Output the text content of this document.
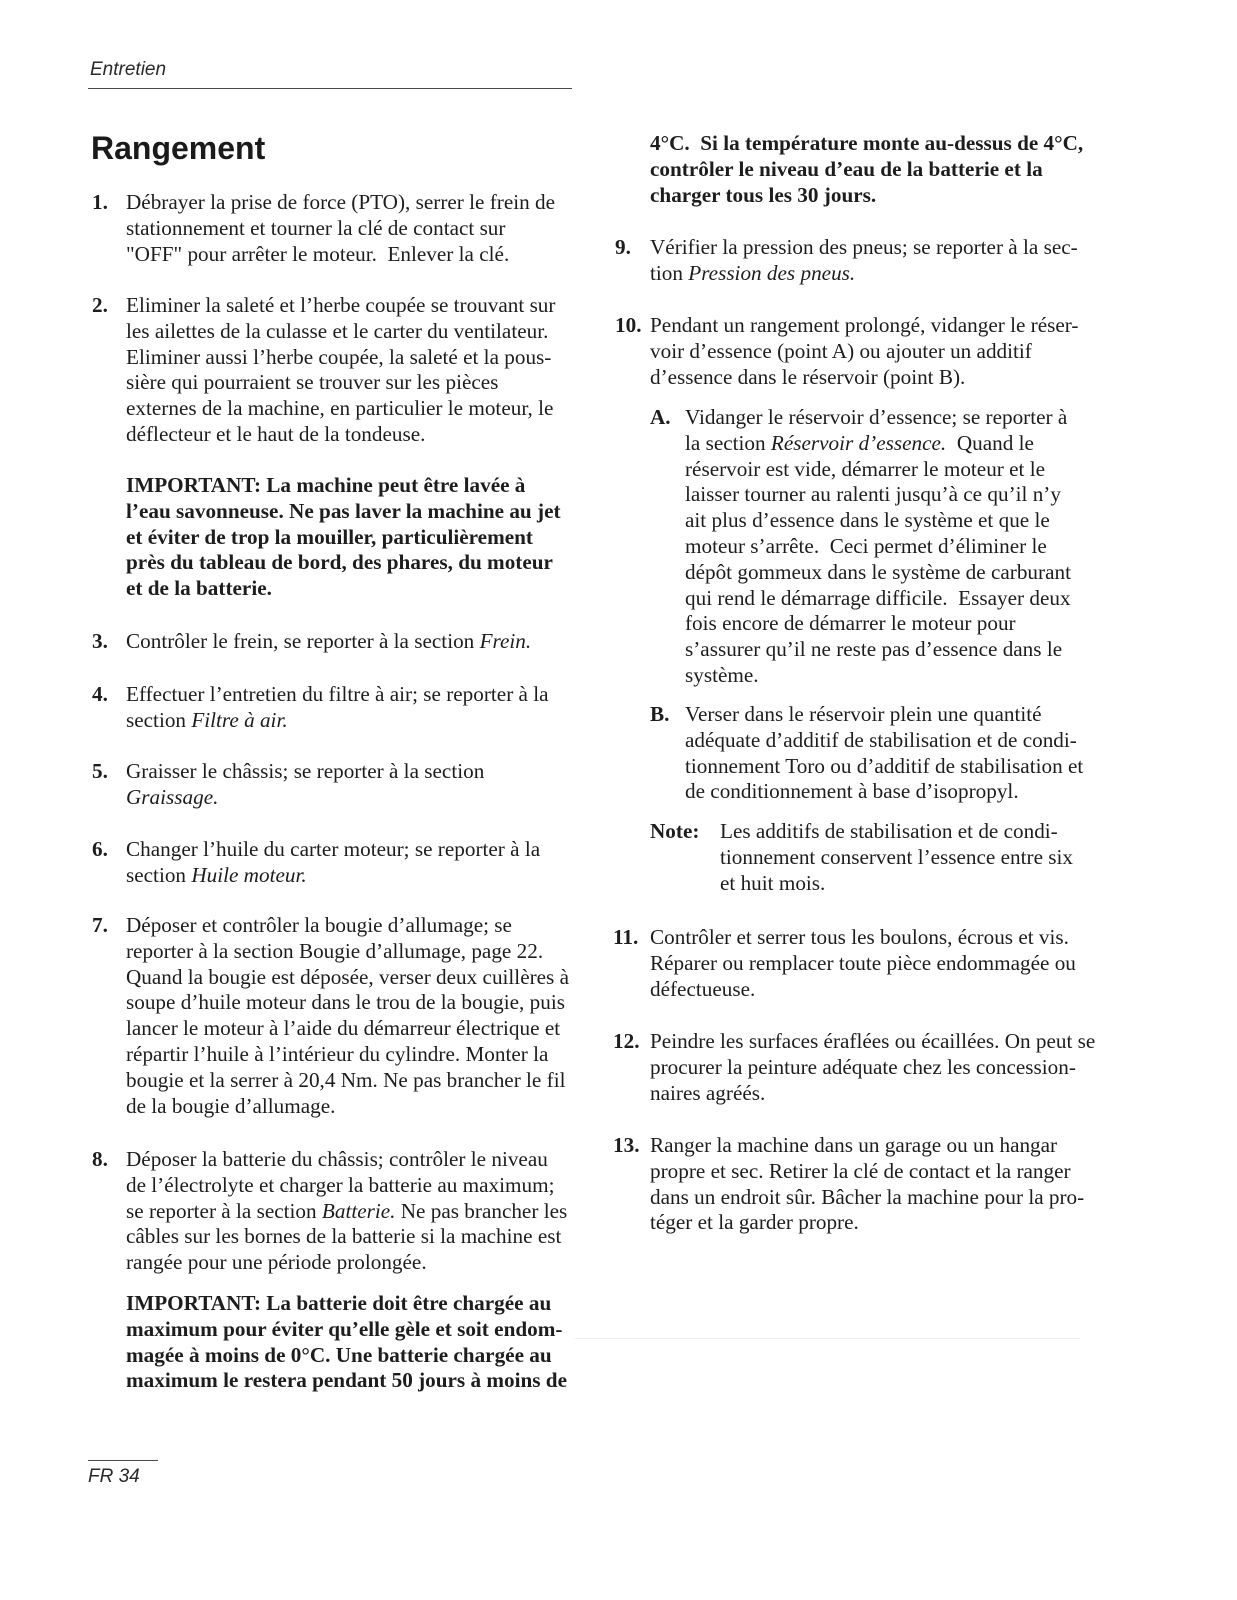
Entretien
Rangement
1. Débrayer la prise de force (PTO), serrer le frein de
stationnement et tourner la clé de contact sur
"OFF" pour arrêter le moteur.  Enlever la clé.
2. Eliminer la saleté et l’herbe coupée se trouvant sur
les ailettes de la culasse et le carter du ventilateur.
Eliminer aussi l’herbe coupée, la saleté et la pous-
sière qui pourraient se trouver sur les pièces
externes de la machine, en particulier le moteur, le
déflecteur et le haut de la tondeuse.
IMPORTANT: La machine peut être lavée à
l’eau savonneuse. Ne pas laver la machine au jet
et éviter de trop la mouiller, particulièrement
près du tableau de bord, des phares, du moteur
et de la batterie.
3. Contrôler le frein, se reporter à la section Frein.
4. Effectuer l’entretien du filtre à air; se reporter à la
section Filtre à air.
5. Graisser le châssis; se reporter à la section
Graissage.
6. Changer l’huile du carter moteur; se reporter à la
section Huile moteur.
7. Déposer et contrôler la bougie d’allumage; se
reporter à la section Bougie d’allumage, page 22.
Quand la bougie est déposée, verser deux cuillères à
soupe d’huile moteur dans le trou de la bougie, puis
lancer le moteur à l’aide du démarreur électrique et
répartir l’huile à l’intérieur du cylindre. Monter la
bougie et la serrer à 20,4 Nm. Ne pas brancher le fil
de la bougie d’allumage.
8. Déposer la batterie du châssis; contrôler le niveau
de l’électrolyte et charger la batterie au maximum;
se reporter à la section Batterie. Ne pas brancher les
câbles sur les bornes de la batterie si la machine est
rangée pour une période prolongée.
IMPORTANT: La batterie doit être chargée au
maximum pour éviter qu’elle gèle et soit endom-
magée à moins de 0°C. Une batterie chargée au
maximum le restera pendant 50 jours à moins de
4°C.  Si la température monte au-dessus de 4°C,
contrôler le niveau d’eau de la batterie et la
charger tous les 30 jours.
9. Vérifier la pression des pneus; se reporter à la sec-
tion Pression des pneus.
10. Pendant un rangement prolongé, vidanger le réser-
voir d’essence (point A) ou ajouter un additif
d’essence dans le réservoir (point B).
A. Vidanger le réservoir d’essence; se reporter à
la section Réservoir d’essence.  Quand le
réservoir est vide, démarrer le moteur et le
laisser tourner au ralenti jusqu’à ce qu’il n’y
ait plus d’essence dans le système et que le
moteur s’arrête.  Ceci permet d’éliminer le
dépôt gommeux dans le système de carburant
qui rend le démarrage difficile.  Essayer deux
fois encore de démarrer le moteur pour
s’assurer qu’il ne reste pas d’essence dans le
système.
B. Verser dans le réservoir plein une quantité
adéquate d’additif de stabilisation et de condi-
tionnement Toro ou d’additif de stabilisation et
de conditionnement à base d’isopropyl.
Note: Les additifs de stabilisation et de condi-
tionnement conservent l’essence entre six
et huit mois.
11. Contrôler et serrer tous les boulons, écrous et vis.
Réparer ou remplacer toute pièce endommagée ou
défectueuse.
12. Peindre les surfaces éraflées ou écaillées. On peut se
procurer la peinture adéquate chez les concession-
naires agréés.
13. Ranger la machine dans un garage ou un hangar
propre et sec. Retirer la clé de contact et la ranger
dans un endroit sûr. Bâcher la machine pour la pro-
téger et la garder propre.
FR 34
